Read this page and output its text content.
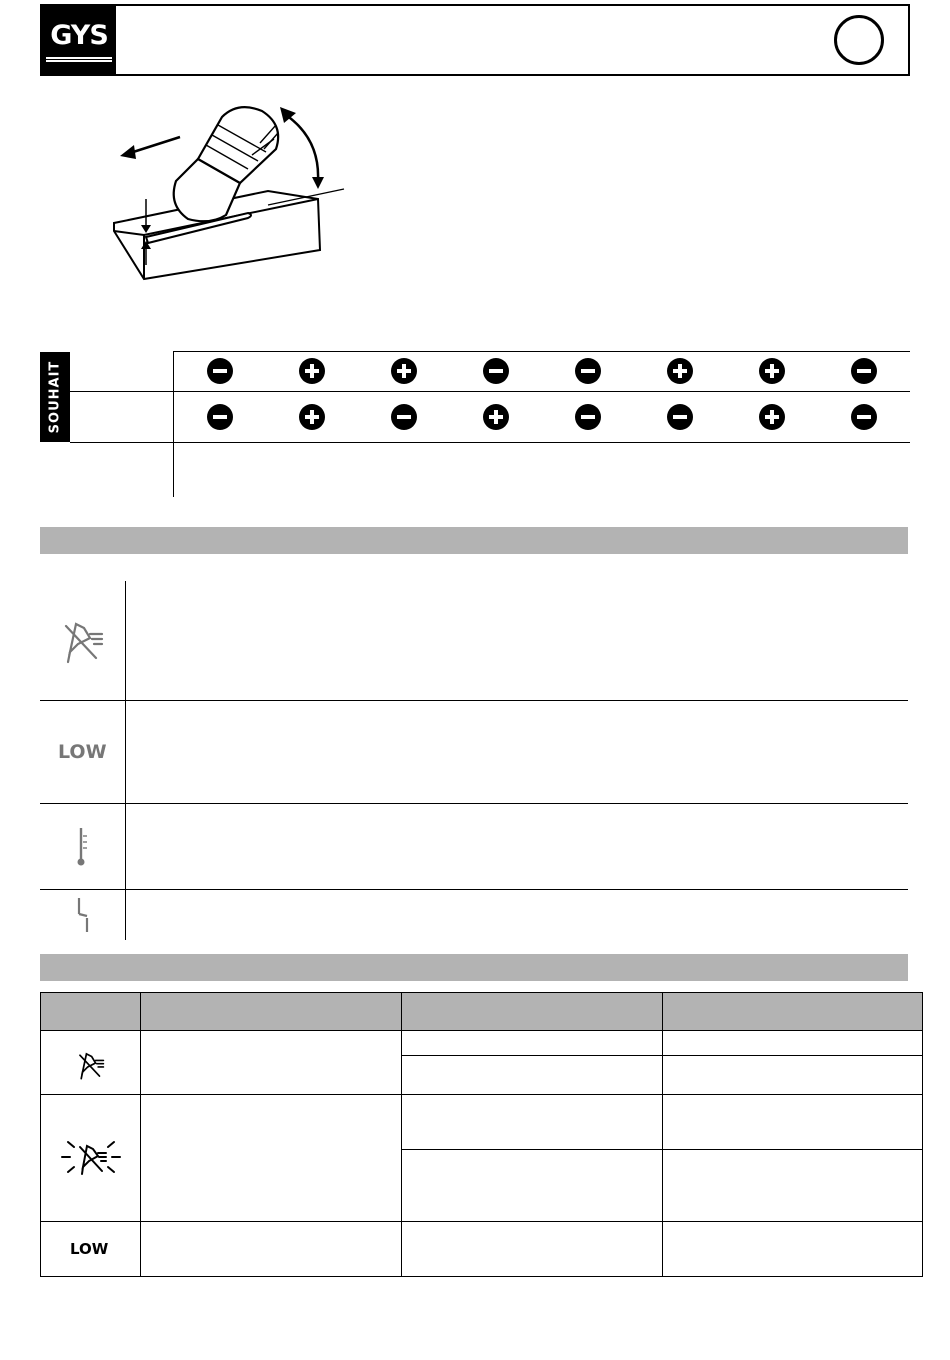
GYS
SOUHAIT
LOW
LOW
